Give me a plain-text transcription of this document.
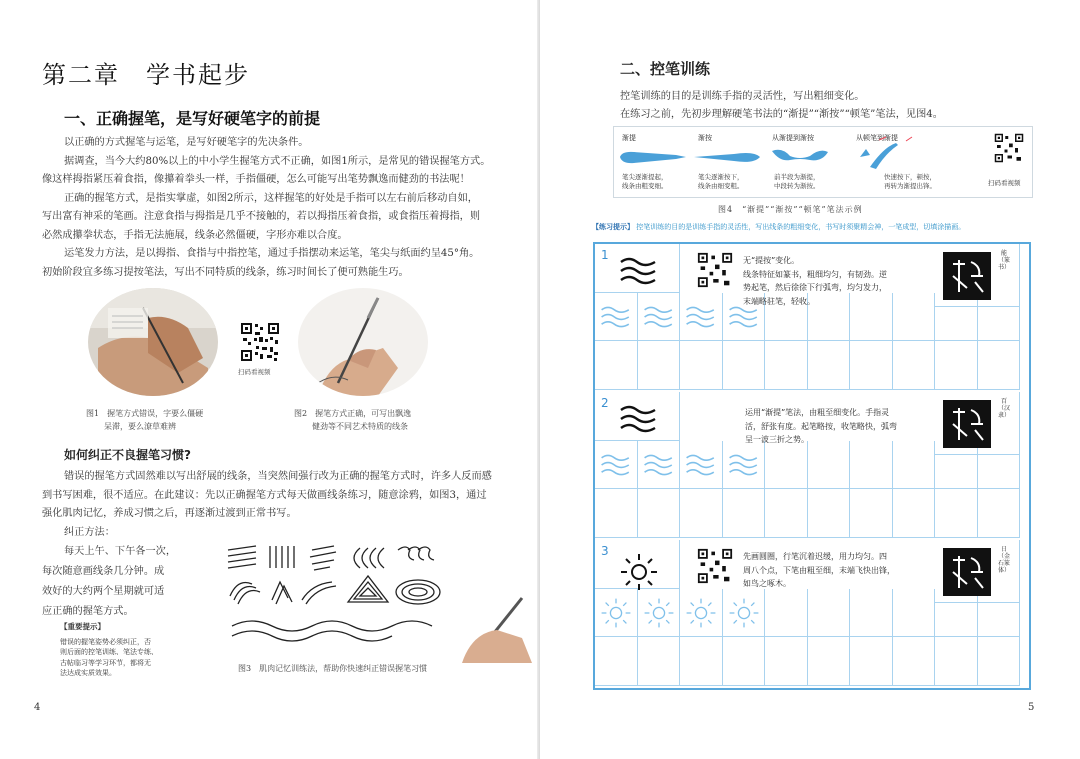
第二章　学书起步
一、正确握笔，是写好硬笔字的前提
以正确的方式握笔与运笔，是写好硬笔字的先决条件。
据调查，当今大约80%以上的中小学生握笔方式不正确，如图1所示，是常见的错误握笔方式。
像这样拇指紧压着食指，像攥着拳头一样，手指僵硬，怎么可能写出笔势飘逸而健劲的书法呢！
正确的握笔方式，是指实掌虚，如图2所示，这样握笔的好处是手指可以左右前后移动自如，
写出富有神采的笔画。注意食指与拇指是几乎不接触的，若以拇指压着食指，或食指压着拇指，则
必然成攥拳状态，手指无法施展，线条必然僵硬，字形亦难以合度。
运笔发力方法，是以拇指、食指与中指控笔，通过手指摆动来运笔，笔尖与纸面约呈45°角。
初始阶段宜多练习提按笔法，写出不同特质的线条，练习时间长了便可熟能生巧。
扫码看视频
图1　握笔方式错误，字要么僵硬
呆滞，要么潦草难辨
图2　握笔方式正确，可写出飘逸
健劲等不同艺术特质的线条
如何纠正不良握笔习惯?
错误的握笔方式固然难以写出舒展的线条，当突然间强行改为正确的握笔方式时，许多人反而感
到书写困难，很不适应。在此建议：先以正确握笔方式每天做画线条练习，随意涂鸦，如图3，通过
强化肌肉记忆，养成习惯之后，再逐渐过渡到正常书写。
纠正方法：
每天上午、下午各一次，
每次随意画线条几分钟。成
效好的大约两个星期就可适
应正确的握笔方式。
【重要提示】
错误的握笔姿势必须纠正，否
则后面的控笔训练、笔法专练、
古帖临习等学习环节，都将无
法达成实质效果。	图3　肌肉记忆训练法，帮助你快速纠正错误握笔习惯
4
二、控笔训练
控笔训练的目的是训练手指的灵活性，写出粗细变化。
在练习之前，先初步理解硬笔书法的“渐提”“渐按”“顿笔”笔法，见图4。
渐提	渐按	从渐提到渐按	从顿笔到渐提
笔尖逐渐提起，
线条由粗变细。
笔尖逐渐按下，
线条由细变粗。
前半段为渐提，
中段转为渐按。
快速按下，顿按，
再转为渐提出锋。	扫码看视频
图4　“渐提”“渐按”“顿笔”笔法示例
【练习提示】 控笔训练的目的是训练手指的灵活性，写出线条的粗细变化，书写时须聚精会神，一笔成型，切填涂描画。
1	无“提按”变化。
线条特征如篆书，粗细均匀，有韧劲。逆
势起笔，然后徐徐下行弧弯，均匀发力，
末端略驻笔，轻收。
能（篆书）
2
运用“渐提”笔法，由粗至细变化。手指灵
活，舒张有度。起笔略按，收笔略快，弧弯
呈一波三折之势。
百（汉隶）
3	先画圆圈，行笔沉着迟缓，用力均匀。四
周八个点，下笔由粗至细，末端飞快出锋，
如鸟之啄木。
日（金石篆体）
5
